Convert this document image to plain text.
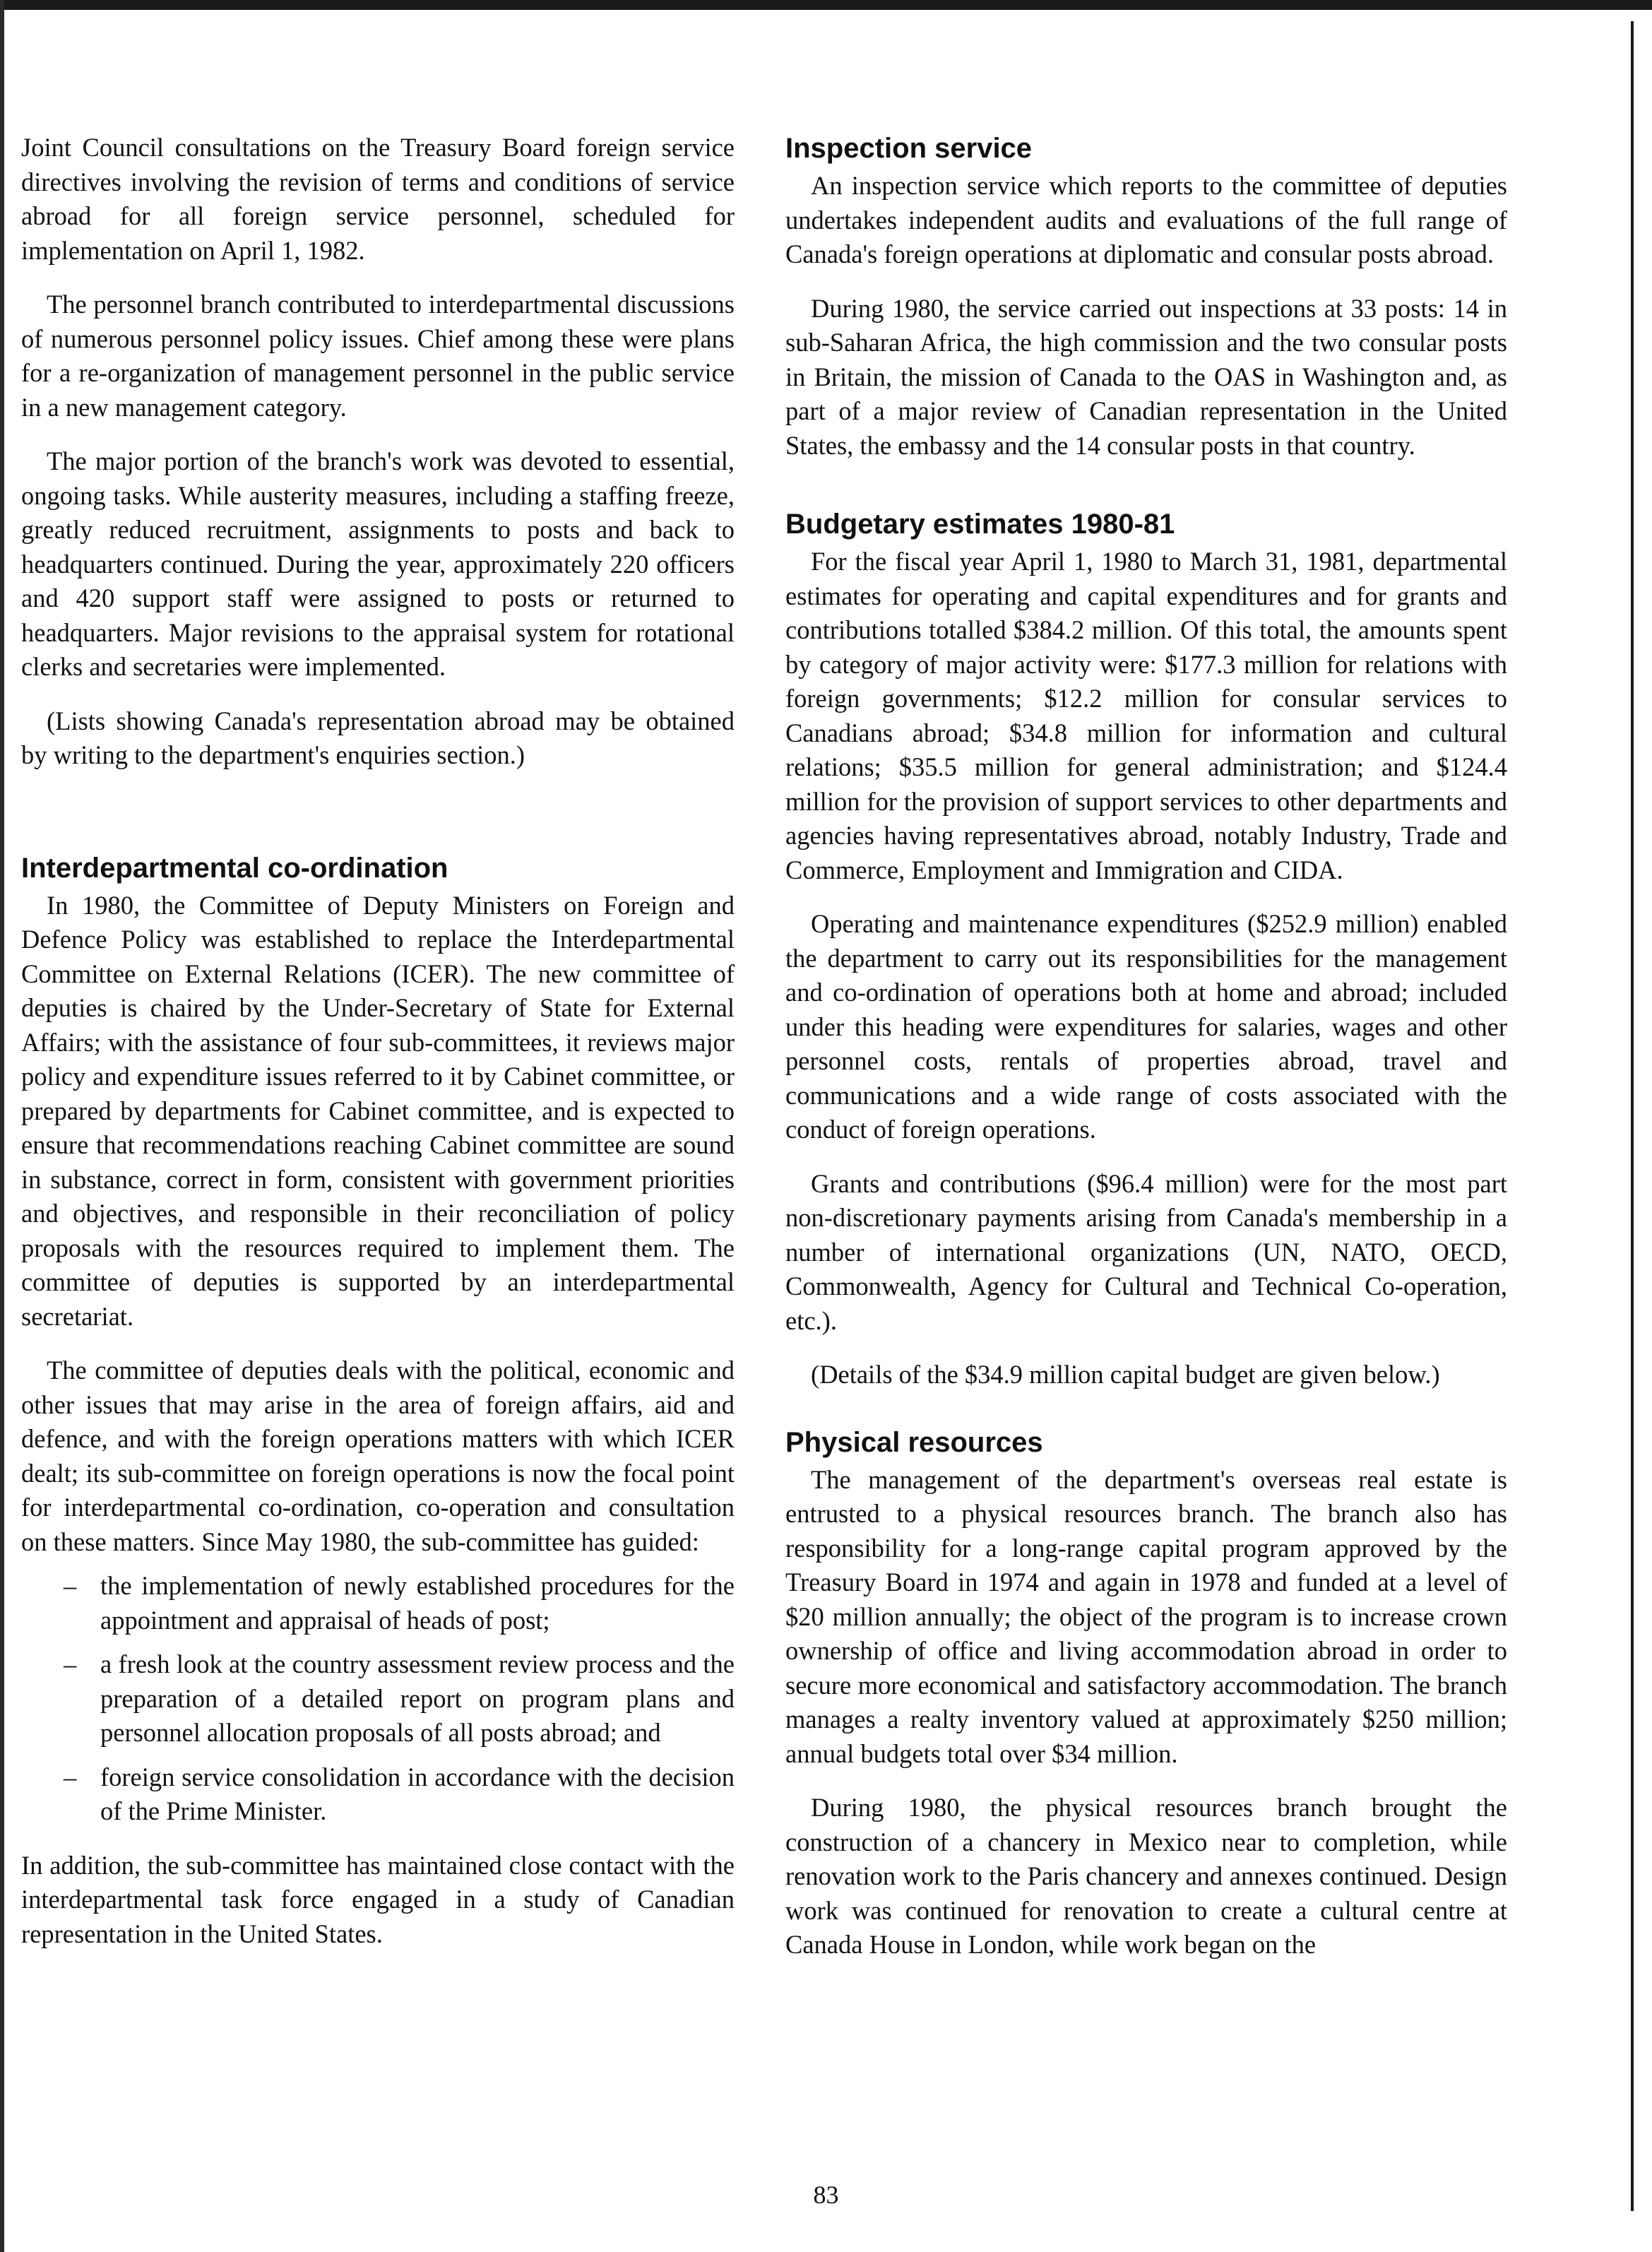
Joint Council consultations on the Treasury Board foreign service directives involving the revision of terms and conditions of service abroad for all foreign service personnel, scheduled for implementation on April 1, 1982.

The personnel branch contributed to interdepartmental discussions of numerous personnel policy issues. Chief among these were plans for a re-organization of management personnel in the public service in a new management category.

The major portion of the branch's work was devoted to essential, ongoing tasks. While austerity measures, including a staffing freeze, greatly reduced recruitment, assignments to posts and back to headquarters continued. During the year, approximately 220 officers and 420 support staff were assigned to posts or returned to headquarters. Major revisions to the appraisal system for rotational clerks and secretaries were implemented.

(Lists showing Canada's representation abroad may be obtained by writing to the department's enquiries section.)

Interdepartmental co-ordination

In 1980, the Committee of Deputy Ministers on Foreign and Defence Policy was established to replace the Interdepartmental Committee on External Relations (ICER). The new committee of deputies is chaired by the Under-Secretary of State for External Affairs; with the assistance of four sub-committees, it reviews major policy and expenditure issues referred to it by Cabinet committee, or prepared by departments for Cabinet committee, and is expected to ensure that recommendations reaching Cabinet committee are sound in substance, correct in form, consistent with government priorities and objectives, and responsible in their reconciliation of policy proposals with the resources required to implement them. The committee of deputies is supported by an interdepartmental secretariat.

The committee of deputies deals with the political, economic and other issues that may arise in the area of foreign affairs, aid and defence, and with the foreign operations matters with which ICER dealt; its sub-committee on foreign operations is now the focal point for interdepartmental co-ordination, co-operation and consultation on these matters. Since May 1980, the sub-committee has guided:

– the implementation of newly established procedures for the appointment and appraisal of heads of post;
– a fresh look at the country assessment review process and the preparation of a detailed report on program plans and personnel allocation proposals of all posts abroad; and
– foreign service consolidation in accordance with the decision of the Prime Minister.

In addition, the sub-committee has maintained close contact with the interdepartmental task force engaged in a study of Canadian representation in the United States.

Inspection service

An inspection service which reports to the committee of deputies undertakes independent audits and evaluations of the full range of Canada's foreign operations at diplomatic and consular posts abroad.

During 1980, the service carried out inspections at 33 posts: 14 in sub-Saharan Africa, the high commission and the two consular posts in Britain, the mission of Canada to the OAS in Washington and, as part of a major review of Canadian representation in the United States, the embassy and the 14 consular posts in that country.

Budgetary estimates 1980-81

For the fiscal year April 1, 1980 to March 31, 1981, departmental estimates for operating and capital expenditures and for grants and contributions totalled $384.2 million. Of this total, the amounts spent by category of major activity were: $177.3 million for relations with foreign governments; $12.2 million for consular services to Canadians abroad; $34.8 million for information and cultural relations; $35.5 million for general administration; and $124.4 million for the provision of support services to other departments and agencies having representatives abroad, notably Industry, Trade and Commerce, Employment and Immigration and CIDA.

Operating and maintenance expenditures ($252.9 million) enabled the department to carry out its responsibilities for the management and co-ordination of operations both at home and abroad; included under this heading were expenditures for salaries, wages and other personnel costs, rentals of properties abroad, travel and communications and a wide range of costs associated with the conduct of foreign operations.

Grants and contributions ($96.4 million) were for the most part non-discretionary payments arising from Canada's membership in a number of international organizations (UN, NATO, OECD, Commonwealth, Agency for Cultural and Technical Co-operation, etc.).

(Details of the $34.9 million capital budget are given below.)

Physical resources

The management of the department's overseas real estate is entrusted to a physical resources branch. The branch also has responsibility for a long-range capital program approved by the Treasury Board in 1974 and again in 1978 and funded at a level of $20 million annually; the object of the program is to increase crown ownership of office and living accommodation abroad in order to secure more economical and satisfactory accommodation. The branch manages a realty inventory valued at approximately $250 million; annual budgets total over $34 million.

During 1980, the physical resources branch brought the construction of a chancery in Mexico near to completion, while renovation work to the Paris chancery and annexes continued. Design work was continued for renovation to create a cultural centre at Canada House in London, while work began on the

83
